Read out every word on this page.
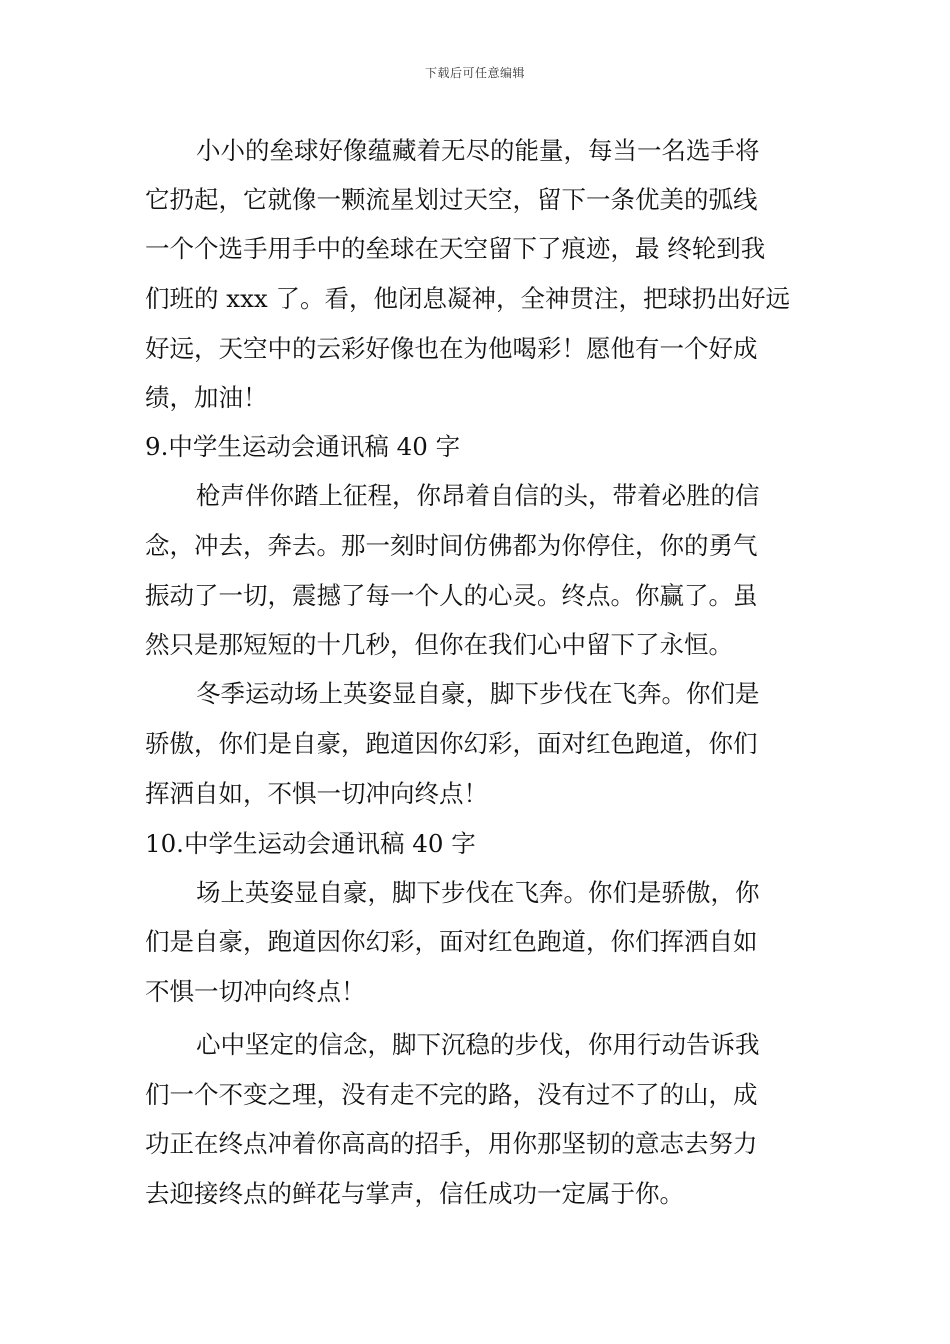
下载后可任意编辑
小小的垒球好像蕴藏着无尽的能量，每当一名选手将
它扔起，它就像一颗流星划过天空，留下一条优美的弧线
一个个选手用手中的垒球在天空留下了痕迹，最 终轮到我
们班的 xxx 了。看，他闭息凝神，全神贯注，把球扔出好远
好远，天空中的云彩好像也在为他喝彩！愿他有一个好成
绩，加油！
9.中学生运动会通讯稿 40 字
枪声伴你踏上征程，你昂着自信的头，带着必胜的信
念，冲去，奔去。那一刻时间仿佛都为你停住，你的勇气
振动了一切，震撼了每一个人的心灵。终点。你赢了。虽
然只是那短短的十几秒，但你在我们心中留下了永恒。
冬季运动场上英姿显自豪，脚下步伐在飞奔。你们是
骄傲，你们是自豪，跑道因你幻彩，面对红色跑道，你们
挥洒自如，不惧一切冲向终点！
10.中学生运动会通讯稿 40 字
场上英姿显自豪，脚下步伐在飞奔。你们是骄傲，你
们是自豪，跑道因你幻彩，面对红色跑道，你们挥洒自如
不惧一切冲向终点！
心中坚定的信念，脚下沉稳的步伐，你用行动告诉我
们一个不变之理，没有走不完的路，没有过不了的山，成
功正在终点冲着你高高的招手，用你那坚韧的意志去努力
去迎接终点的鲜花与掌声，信任成功一定属于你。
